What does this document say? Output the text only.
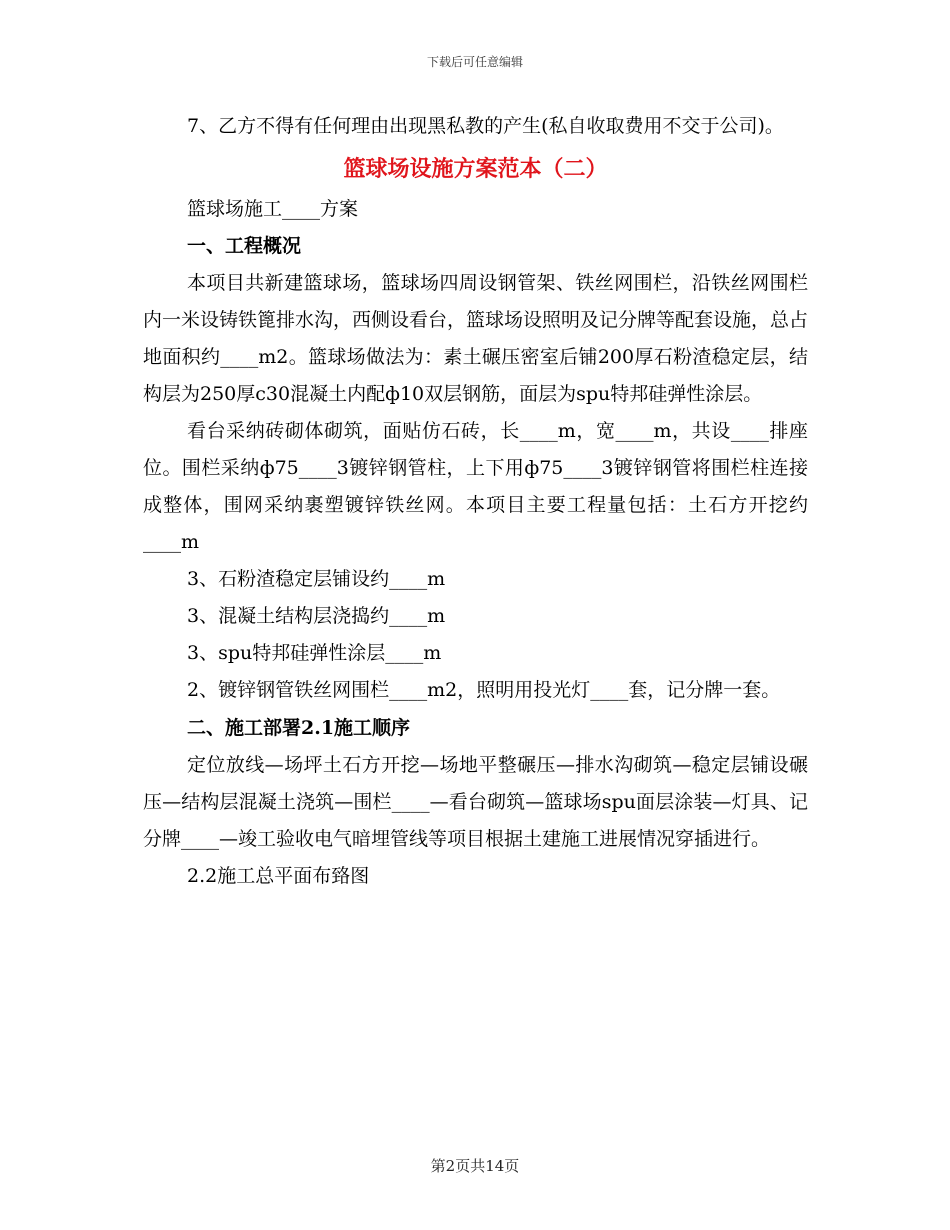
下载后可任意编辑

7、乙方不得有任何理由出现黑私教的产生(私自收取费用不交于公司)。

篮球场设施方案范本（二）

篮球场施工____方案

一、工程概况

本项目共新建篮球场，篮球场四周设钢管架、铁丝网围栏，沿铁丝网围栏内一米设铸铁篦排水沟，西侧设看台，篮球场设照明及记分牌等配套设施，总占地面积约____m2。篮球场做法为：素土碾压密室后铺200厚石粉渣稳定层，结构层为250厚c30混凝土内配ф10双层钢筋，面层为spu特邦硅弹性涂层。

看台采纳砖砌体砌筑，面贴仿石砖，长____m，宽____m，共设____排座位。围栏采纳ф75____3镀锌钢管柱，上下用ф75____3镀锌钢管将围栏柱连接成整体，围网采纳裹塑镀锌铁丝网。本项目主要工程量包括：土石方开挖约____m

3、石粉渣稳定层铺设约____m

3、混凝土结构层浇捣约____m

3、spu特邦硅弹性涂层____m

2、镀锌钢管铁丝网围栏____m2，照明用投光灯____套，记分牌一套。

二、施工部署2.1施工顺序

定位放线—场坪土石方开挖—场地平整碾压—排水沟砌筑—稳定层铺设碾压—结构层混凝土浇筑—围栏____—看台砌筑—篮球场spu面层涂装—灯具、记分牌____—竣工验收电气暗埋管线等项目根据土建施工进展情况穿插进行。

2.2施工总平面布臵图

第2页共14页
